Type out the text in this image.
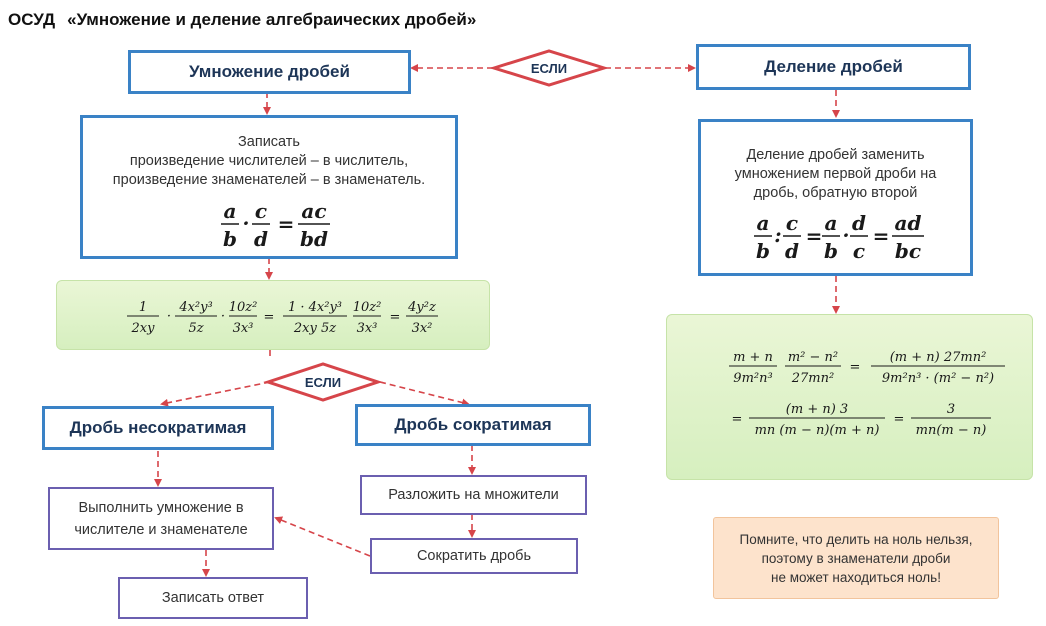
ОСУД «Умножение и деление алгебраических дробей»
ЕСЛИ
ЕСЛИ
Умножение дробей	Деление дробей
Записать
произведение числителей – в числитель,
произведение знаменателей – в знаменатель.
a
b
· c
d
=
ac
bd
Деление дробей заменить
умножением первой дроби на
дробь, обратную второй
a
b
: c
d
=
a
b
· d
c
=
ad
bc
1
2xy
·
4x²y³
5z
·
10z²
3x³
=
1 · 4x²y³
2xy 5z
10z²
3x³
=
4y²z
3x²
m + n
9m²n³
m² − n²
27mn²
=
(m + n) 27mn²
9m²n³ · (m² − n²)
=
(m + n) 3
mn (m − n)(m + n)
=
3
mn(m − n)
Дробь несократимая	Дробь сократимая
Выполнить умножение в
числителе и знаменателе
Разложить на множители
Сократить дробь
Записать ответ
Помните, что делить на ноль нельзя,
поэтому в знаменатели дроби
не может находиться ноль!
